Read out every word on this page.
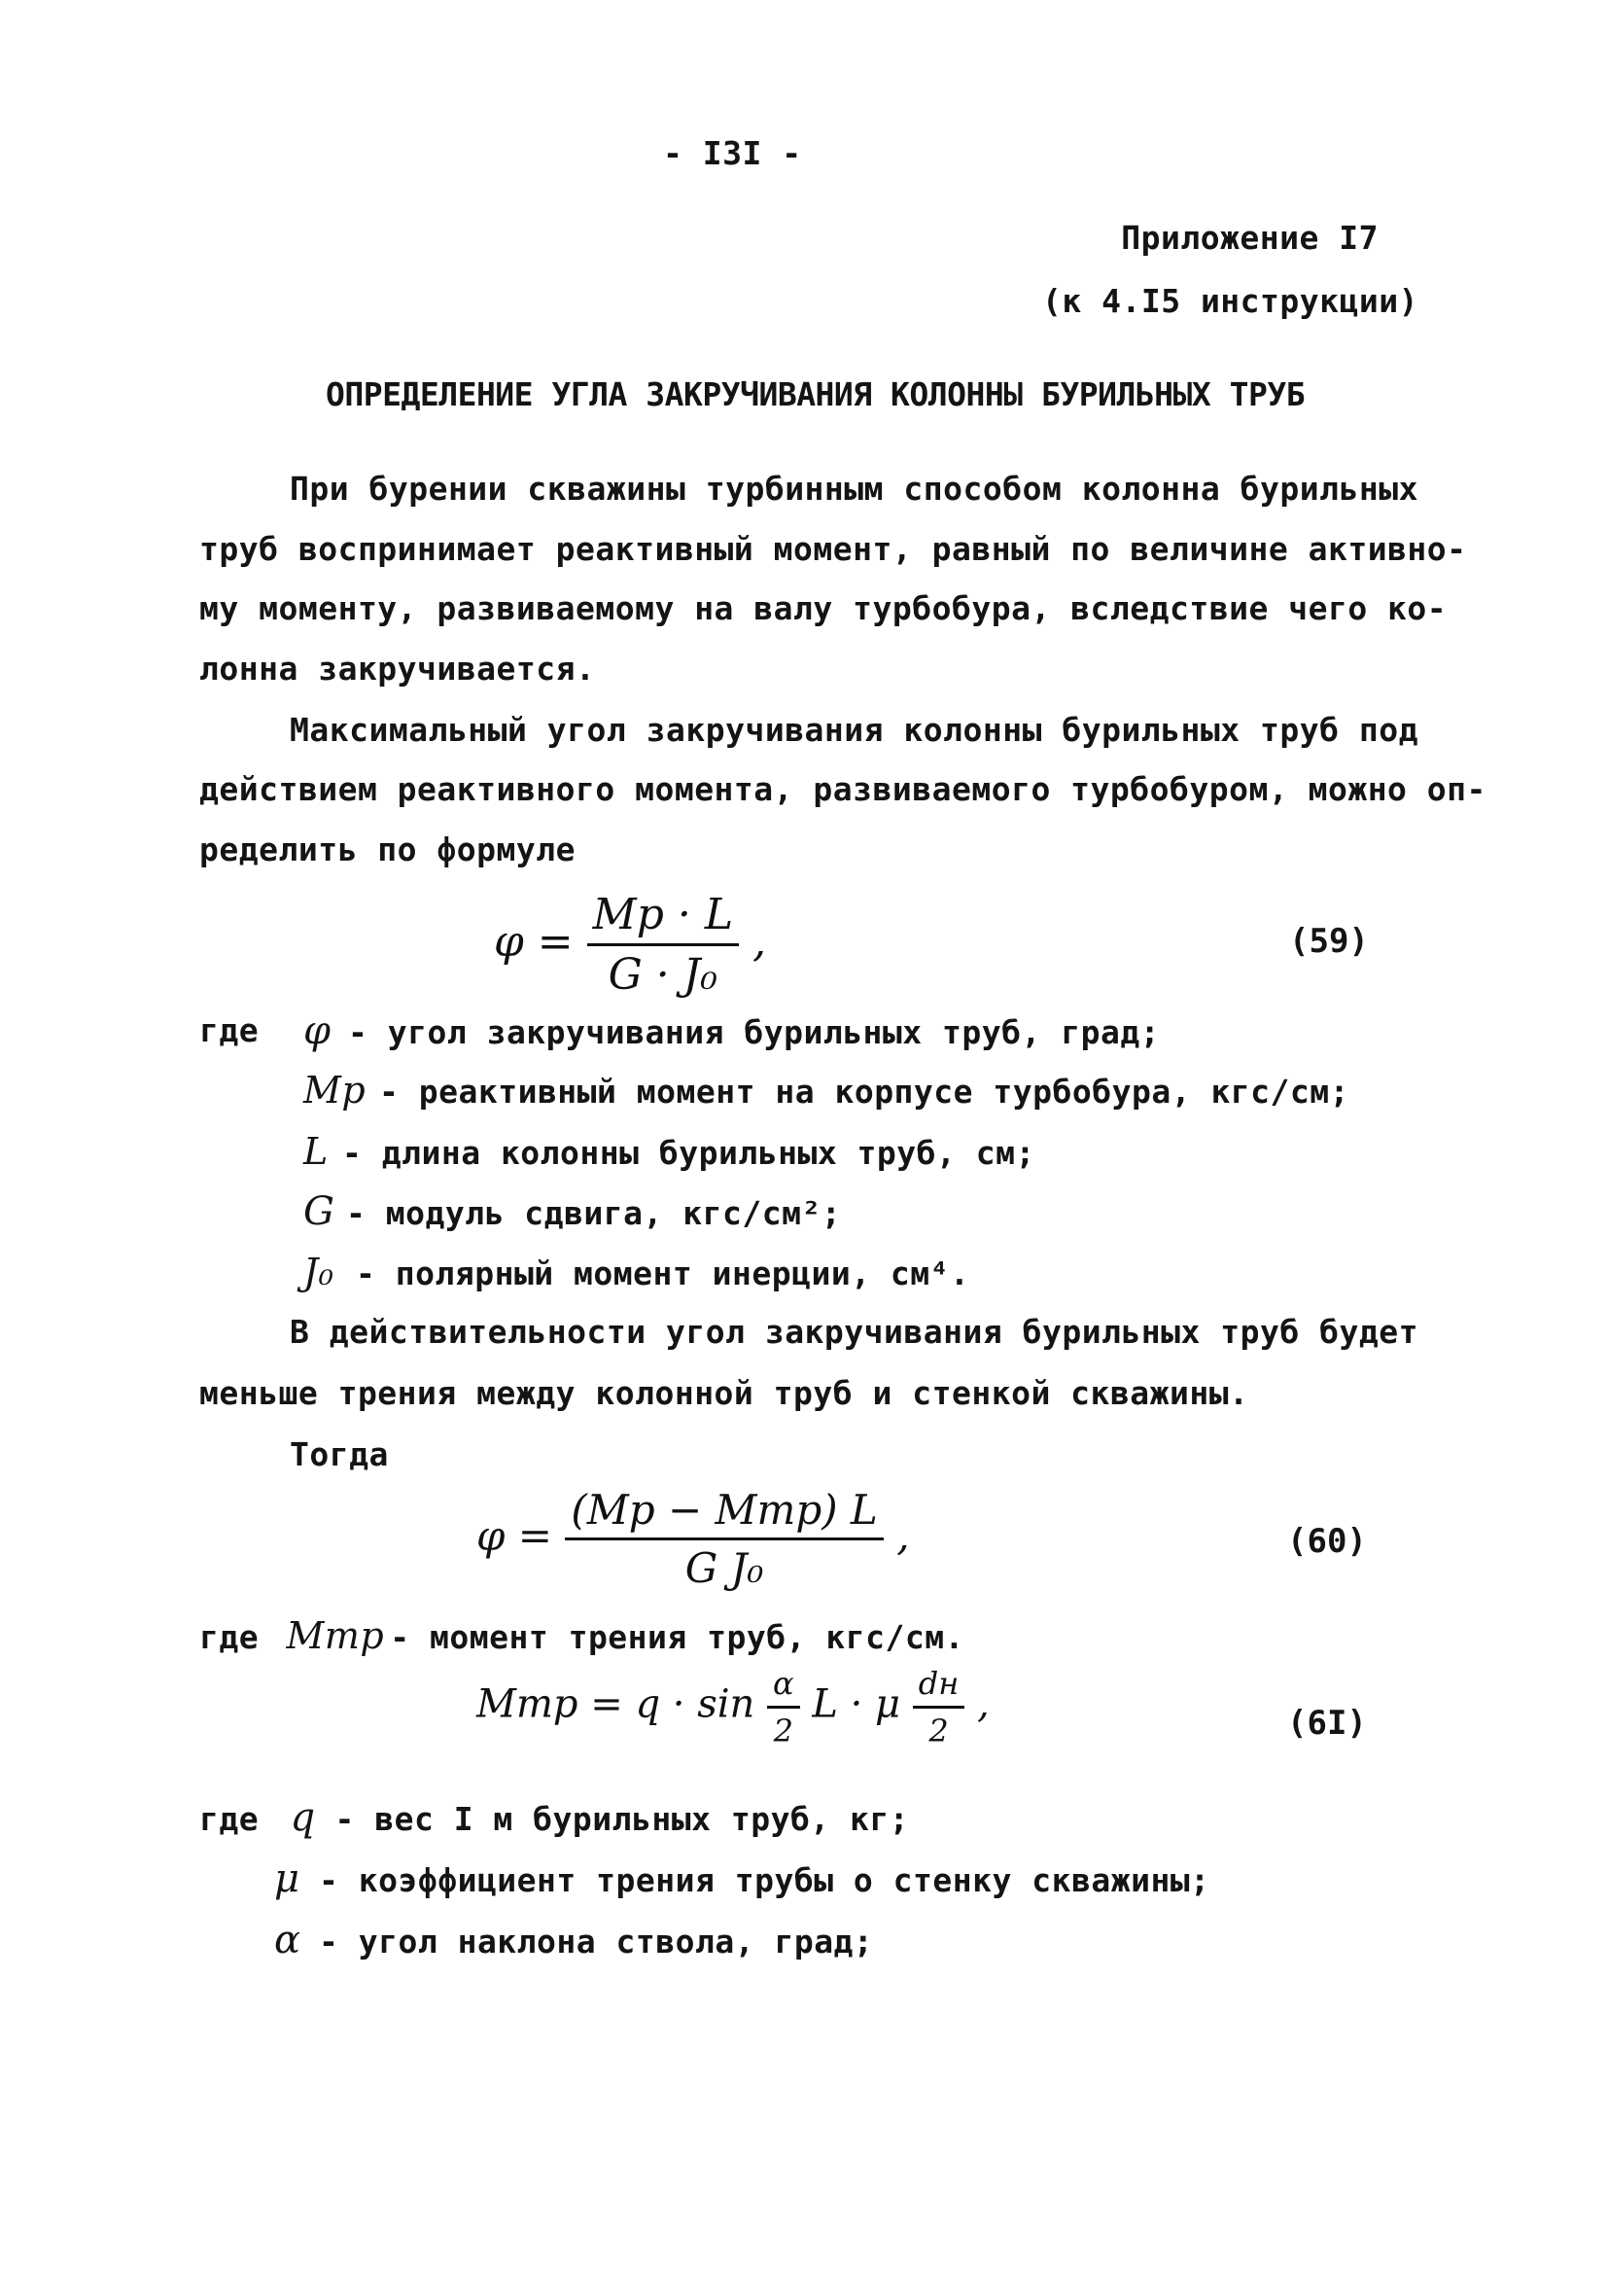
- I3I -
Приложение I7
(к 4.I5 инструкции)
ОПРЕДЕЛЕНИЕ УГЛА ЗАКРУЧИВАНИЯ КОЛОННЫ БУРИЛЬНЫХ ТРУБ
При бурении скважины турбинным способом колонна бурильных
труб воспринимает реактивный момент, равный по величине активно-
му моменту, развиваемому на валу турбобура, вследствие чего ко-
лонна закручивается.
Максимальный угол закручивания колонны бурильных труб под
действием реактивного момента, развиваемого турбобуром, можно оп-
ределить по формуле
$\varphi = \frac{Mp \cdot L}{\text{G · J₀}}$ ,	(59)
где φ - угол закручивания бурильных труб, град;
Mp - реактивный момент на корпусе турбобура, кгс/см;
L - длина колонны бурильных труб, см;
G - модуль сдвига, кгс/см²;
J₀ - полярный момент инерции, см⁴.
В действительности угол закручивания бурильных труб будет
меньше трения между колонной труб и стенкой скважины.
Тогда
$\varphi = \frac{\text{(Mp − Mтр) L}}{\text{G J₀}}$ ,	(60)
где Mтр - момент трения труб, кгс/см.
Mтр = $q \cdot \sin \frac{\alpha}{2}$ L · μ $\frac{dн}{2}$ ,	(6I)
где q - вес I м бурильных труб, кг;
μ - коэффициент трения трубы о стенку скважины;
α - угол наклона ствола, град;
